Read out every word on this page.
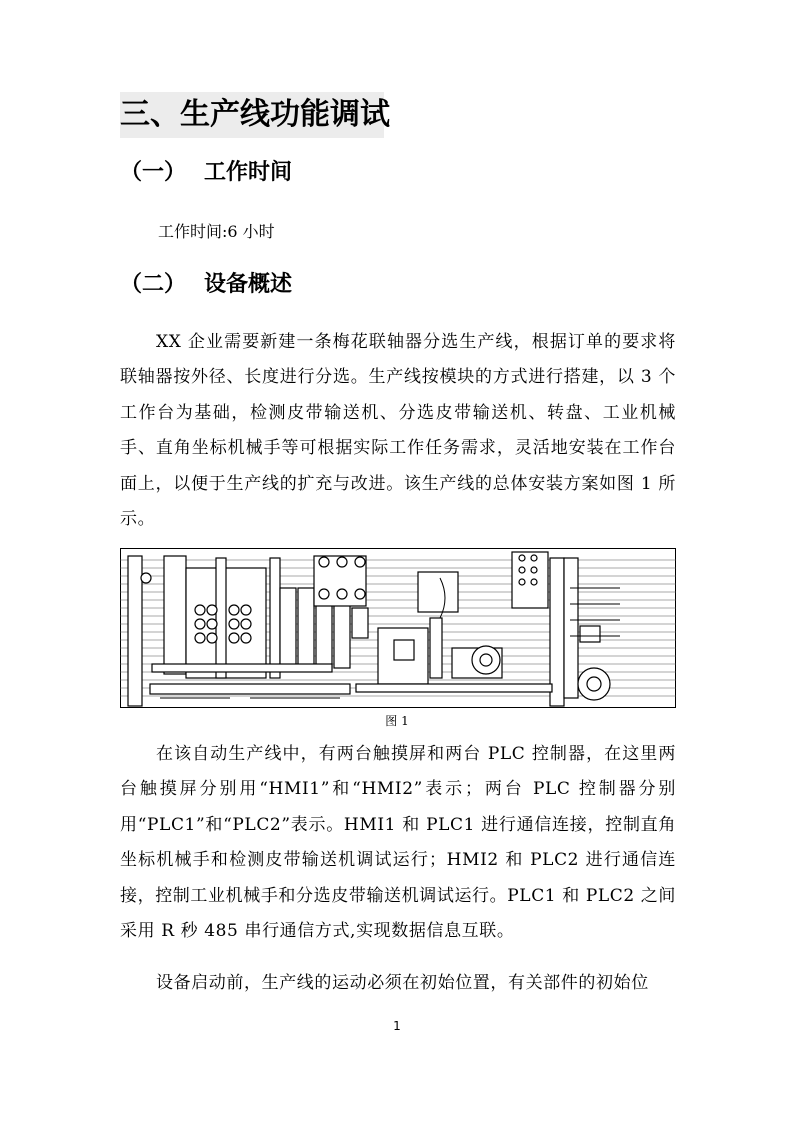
三、生产线功能调试
（一） 工作时间
工作时间:6 小时
（二） 设备概述

XX 企业需要新建一条梅花联轴器分选生产线，根据订单的要求将联轴器按外径、长度进行分选。生产线按模块的方式进行搭建，以 3 个工作台为基础，检测皮带输送机、分选皮带输送机、转盘、工业机械手、直角坐标机械手等可根据实际工作任务需求，灵活地安装在工作台面上，以便于生产线的扩充与改进。该生产线的总体安装方案如图 1 所示。

图 1

在该自动生产线中，有两台触摸屏和两台 PLC 控制器，在这里两台触摸屏分别用“HMI1”和“HMI2”表示；两台 PLC 控制器分别用“PLC1”和“PLC2”表示。HMI1 和 PLC1 进行通信连接，控制直角坐标机械手和检测皮带输送机调试运行；HMI2 和 PLC2 进行通信连接，控制工业机械手和分选皮带输送机调试运行。PLC1 和 PLC2 之间采用 R 秒 485 串行通信方式,实现数据信息互联。

设备启动前，生产线的运动必须在初始位置，有关部件的初始位

1
